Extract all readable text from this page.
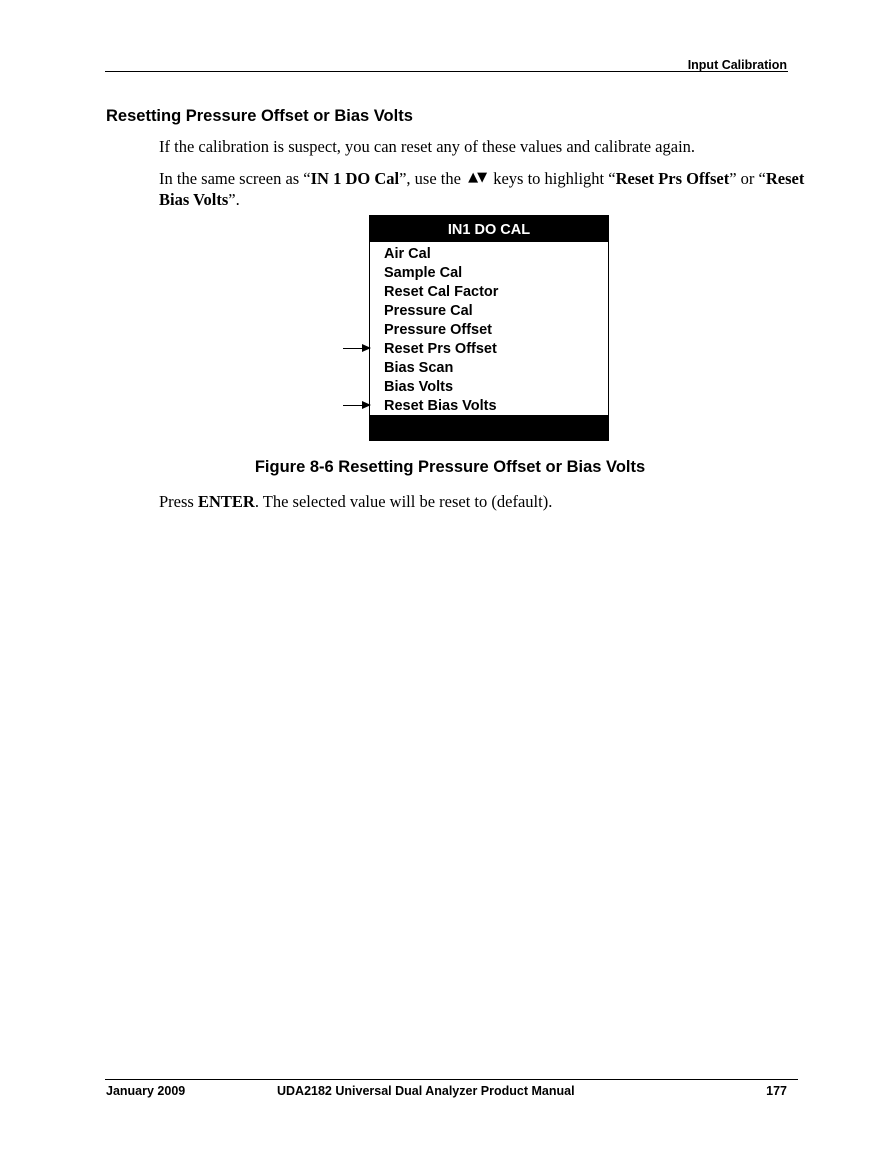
Input Calibration
Resetting Pressure Offset or Bias Volts
If the calibration is suspect, you can reset any of these values and calibrate again.
In the same screen as “IN 1 DO Cal”, use the ▲▼ keys to highlight “Reset Prs Offset” or “Reset Bias Volts”.
IN1 DO CAL
Air Cal
Sample Cal
Reset Cal Factor
Pressure Cal
Pressure Offset
Reset Prs Offset
Bias Scan
Bias Volts
Reset Bias Volts
Figure 8-6 Resetting Pressure Offset or Bias Volts
Press ENTER. The selected value will be reset to (default).
January 2009	UDA2182 Universal Dual Analyzer Product Manual	177
